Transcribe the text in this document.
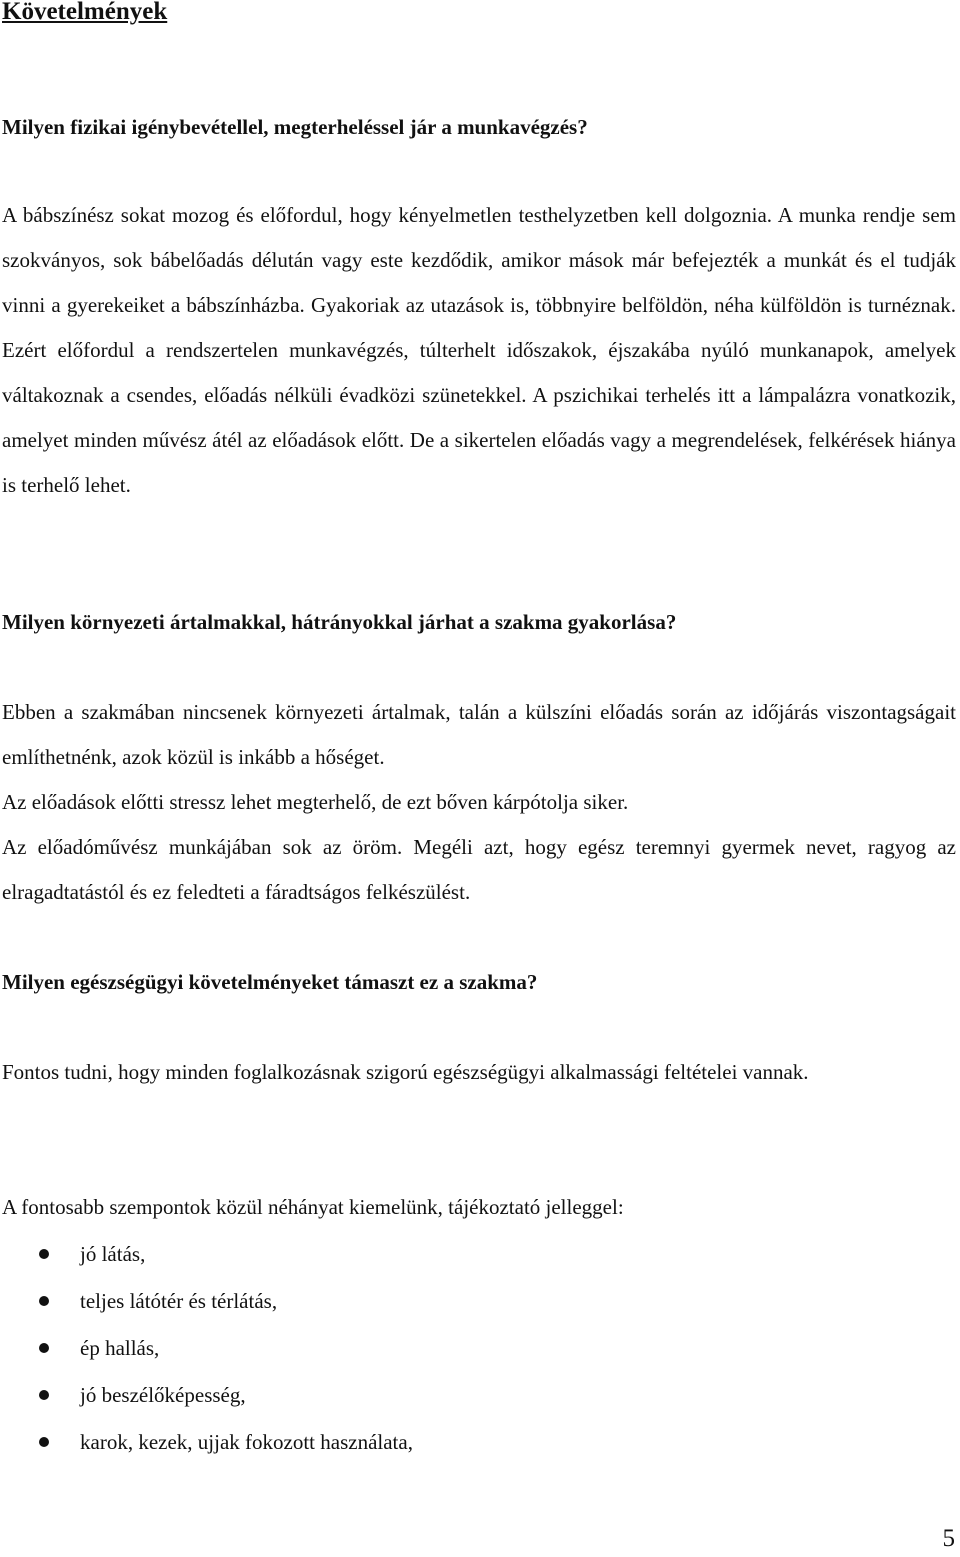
Követelmények
Milyen fizikai igénybevétellel, megterheléssel jár a munkavégzés?

A bábszínész sokat mozog és előfordul, hogy kényelmetlen testhelyzetben kell dolgoznia. A munka rendje sem szokványos, sok bábelőadás délután vagy este kezdődik, amikor mások már befejezték a munkát és el tudják vinni a gyerekeiket a bábszínházba. Gyakoriak az utazások is, többnyire belföldön, néha külföldön is turnéznak. Ezért előfordul a rendszertelen munkavégzés, túlterhelt időszakok, éjszakába nyúló munkanapok, amelyek váltakoznak a csendes, előadás nélküli évadközi szünetekkel. A pszichikai terhelés itt a lámpalázra vonatkozik, amelyet minden művész átél az előadások előtt. De a sikertelen előadás vagy a megrendelések, felkérések hiánya is terhelő lehet.

Milyen környezeti ártalmakkal, hátrányokkal járhat a szakma gyakorlása?

Ebben a szakmában nincsenek környezeti ártalmak, talán a külszíni előadás során az időjárás viszontagságait említhetnénk, azok közül is inkább a hőséget.

Az előadások előtti stressz lehet megterhelő, de ezt bőven kárpótolja siker.

Az előadóművész munkájában sok az öröm. Megéli azt, hogy egész teremnyi gyermek nevet, ragyog az elragadtatástól és ez feledteti a fáradtságos felkészülést.

Milyen egészségügyi követelményeket támaszt ez a szakma?

Fontos tudni, hogy minden foglalkozásnak szigorú egészségügyi alkalmassági feltételei vannak.

A fontosabb szempontok közül néhányat kiemelünk, tájékoztató jelleggel:

jó látás,
teljes látótér és térlátás,
ép hallás,
jó beszélőképesség,
karok, kezek, ujjak fokozott használata,
5
